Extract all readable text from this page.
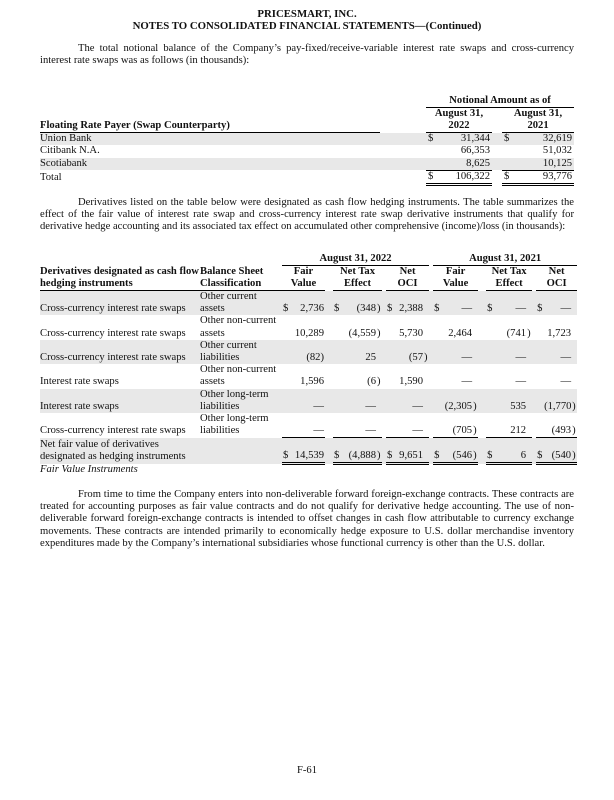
PRICESMART, INC.
NOTES TO CONSOLIDATED FINANCIAL STATEMENTS—(Continued)
The total notional balance of the Company’s pay-fixed/receive-variable interest rate swaps and cross-currency interest rate swaps was as follows (in thousands):
		Notional Amount as of				
Floating Rate Payer (Swap Counterparty)		August 31,
2022			August 31,
2021	
Union Bank		$	31,344		$	32,619
Citibank N.A.			66,353			51,032
Scotiabank			8,625			10,125
Total		$	106,322		$	93,776
Derivatives listed on the table below were designated as cash flow hedging instruments. The table summarizes the effect of the fair value of interest rate swap and cross-currency interest rate swap derivative instruments that qualify for derivative hedge accounting and its associated tax effect on accumulated other comprehensive (income)/loss (in thousands):
		August 31, 2022											August 31, 2021										
Derivatives designated as cash flow
hedging instruments	Balance Sheet
Classification	Fair
Value			Net Tax
Effect				Net
OCI				Fair
Value				Net Tax
Effect				Net
OCI		
Cross-currency interest rate swaps	Other current assets	$	2,736		$	(348	)		$	2,388			$	—			$	—			$	—	
Cross-currency interest rate swaps	Other non-current assets		10,289			(4,559	)			5,730				2,464				(741	)			1,723	
Cross-currency interest rate swaps	Other current liabilities		(82)			25				(57	)			—				—				—	
Interest rate swaps	Other non-current assets		1,596			(6	)			1,590				—				—				—	
Interest rate swaps	Other long-term liabilities		—			—				—				(2,305	)			535				(1,770	)
Cross-currency interest rate swaps	Other long-term liabilities		—			—				—				(705	)			212				(493	)
Net fair value of derivatives designated as hedging instruments		$	14,539		$	(4,888	)		$	9,651			$	(546	)		$	6			$	(540	)
Fair Value Instruments
From time to time the Company enters into non-deliverable forward foreign-exchange contracts. These contracts are treated for accounting purposes as fair value contracts and do not qualify for derivative hedge accounting. The use of non-deliverable forward foreign-exchange contracts is intended to offset changes in cash flow attributable to currency exchange movements. These contracts are intended primarily to economically hedge exposure to U.S. dollar merchandise inventory expenditures made by the Company’s international subsidiaries whose functional currency is other than the U.S. dollar.
F-61
